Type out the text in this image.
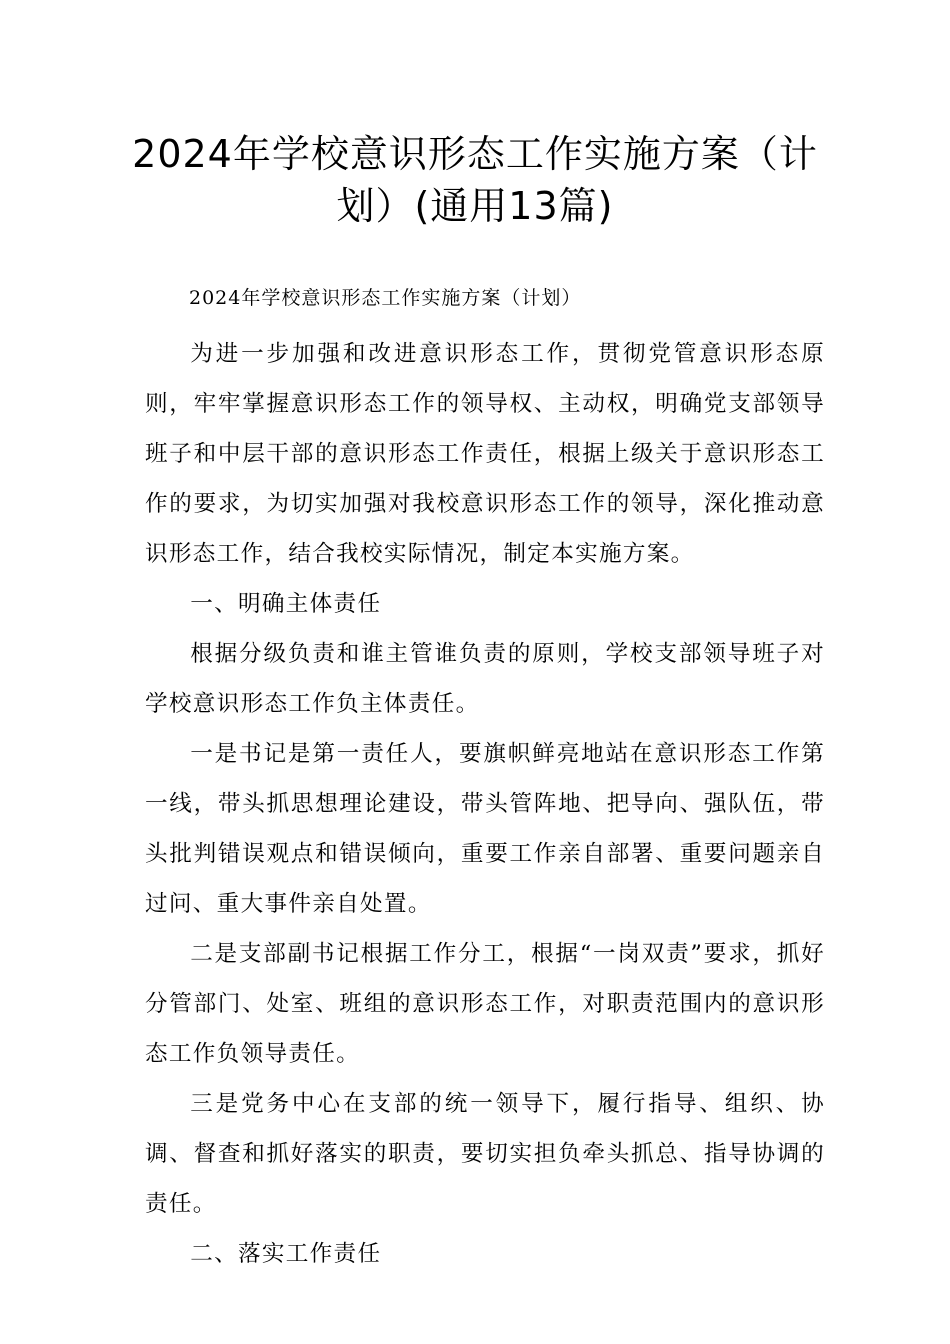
2024年学校意识形态工作实施方案（计
划）(通用13篇)

2024年学校意识形态工作实施方案（计划）

为进一步加强和改进意识形态工作，贯彻党管意识形态原则，牢牢掌握意识形态工作的领导权、主动权，明确党支部领导班子和中层干部的意识形态工作责任，根据上级关于意识形态工作的要求，为切实加强对我校意识形态工作的领导，深化推动意识形态工作，结合我校实际情况，制定本实施方案。

一、明确主体责任

根据分级负责和谁主管谁负责的原则，学校支部领导班子对学校意识形态工作负主体责任。

一是书记是第一责任人，要旗帜鲜亮地站在意识形态工作第一线，带头抓思想理论建设，带头管阵地、把导向、强队伍，带头批判错误观点和错误倾向，重要工作亲自部署、重要问题亲自过问、重大事件亲自处置。

二是支部副书记根据工作分工，根据“一岗双责”要求，抓好分管部门、处室、班组的意识形态工作，对职责范围内的意识形态工作负领导责任。

三是党务中心在支部的统一领导下，履行指导、组织、协调、督查和抓好落实的职责，要切实担负牵头抓总、指导协调的责任。

二、落实工作责任
